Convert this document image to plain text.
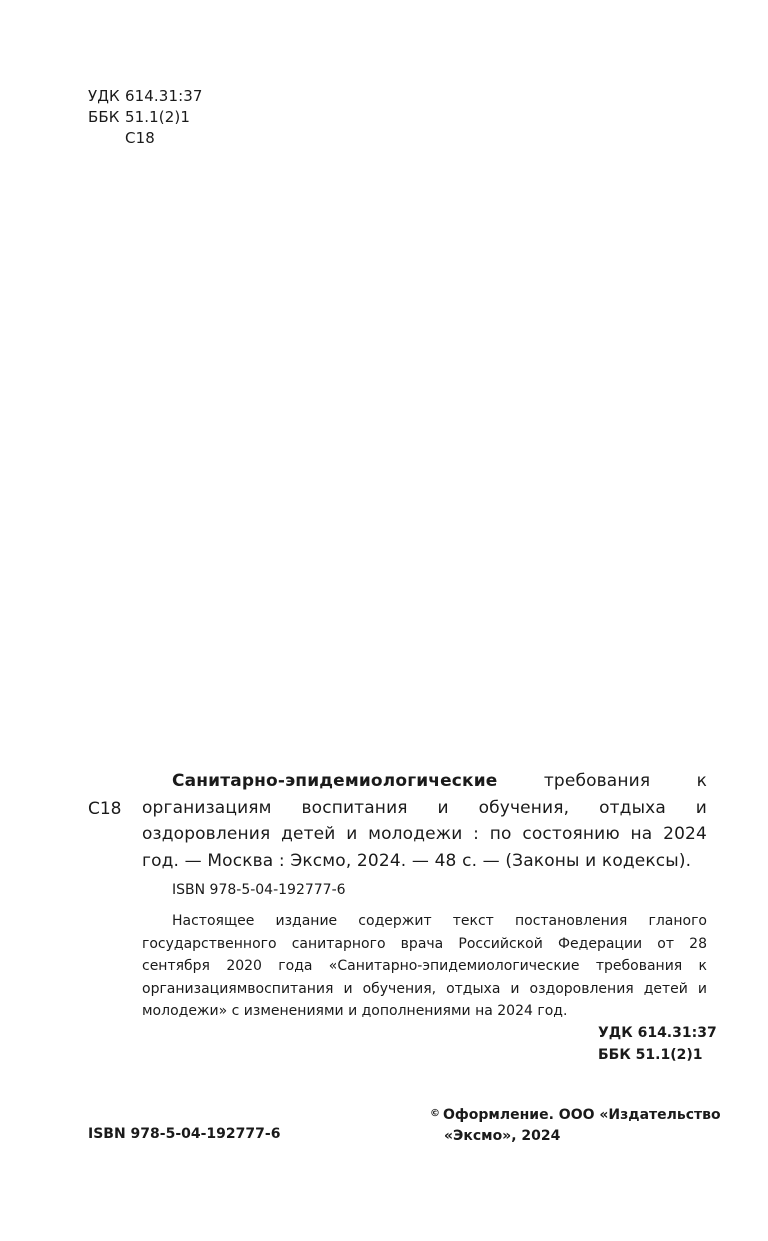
УДК 614.31:37
ББК 51.1(2)1
С18
С18
Санитарно-эпидемиологические требования к организациям воспитания и обучения, отдыха и оздоровления детей и молодежи : по состоянию на 2024 год. — Москва : Эксмо, 2024. — 48 с. — (Законы и кодексы).
ISBN 978-5-04-192777-6
Настоящее издание содержит текст постановления гланого государственного санитарного врача Российской Федерации от 28 сентября 2020 года «Санитарно-эпидемиологические требования к организациямвоспитания и обучения, отдыха и оздоровления детей и молодежи» с изменениями и дополнениями на 2024 год.
УДК 614.31:37
ББК 51.1(2)1
ISBN 978-5-04-192777-6
© Оформление. ООО «Издательство
«Эксмо», 2024
